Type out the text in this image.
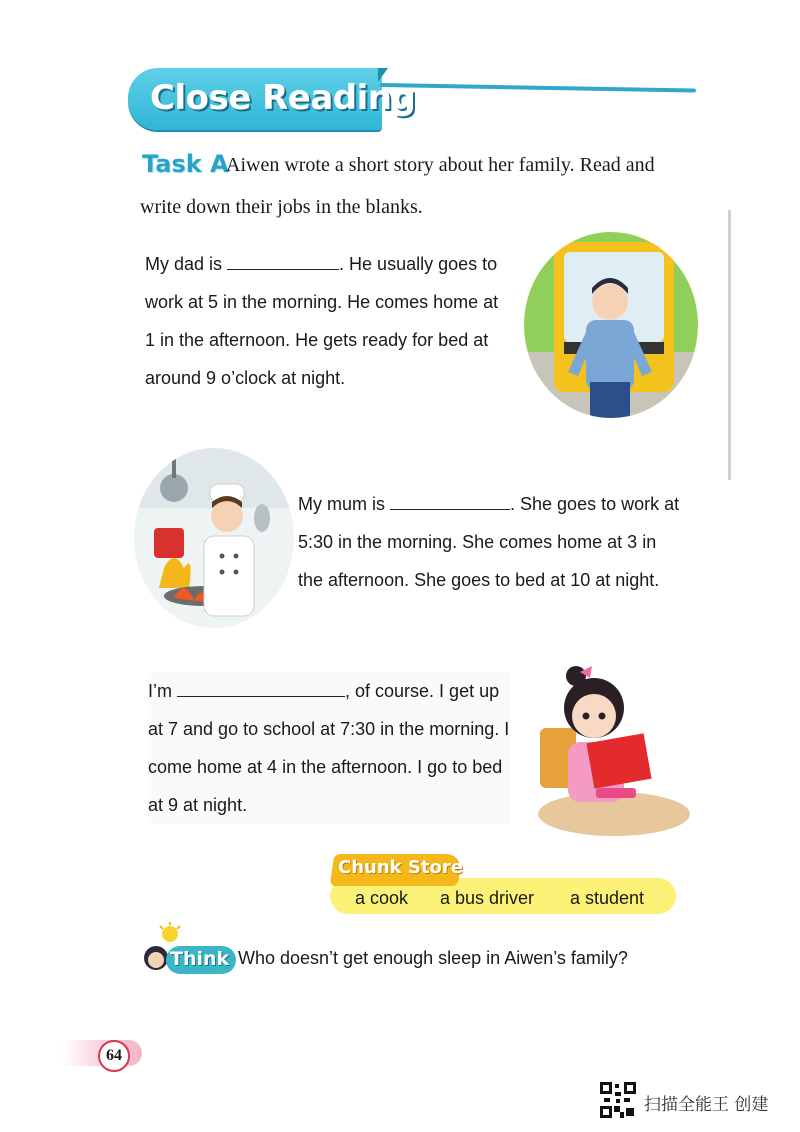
Close Reading
Task A
Aiwen wrote a short story about her family. Read and
write down their jobs in the blanks.
My dad is	. He usually goes to
work at 5 in the morning. He comes home at
1 in the afternoon. He gets ready for bed at
around 9 o’clock at night.
My mum is	. She goes to work at
5:30 in the morning. She comes home at 3 in
the afternoon. She goes to bed at 10 at night.
I’m	, of course. I get up
at 7 and go to school at 7:30 in the morning. I
come home at 4 in the afternoon. I go to bed
at 9 at night.
Chunk Store
a cook a bus driver a student
Think Who doesn’t get enough sleep in Aiwen’s family?
64
扫描全能王 创建
